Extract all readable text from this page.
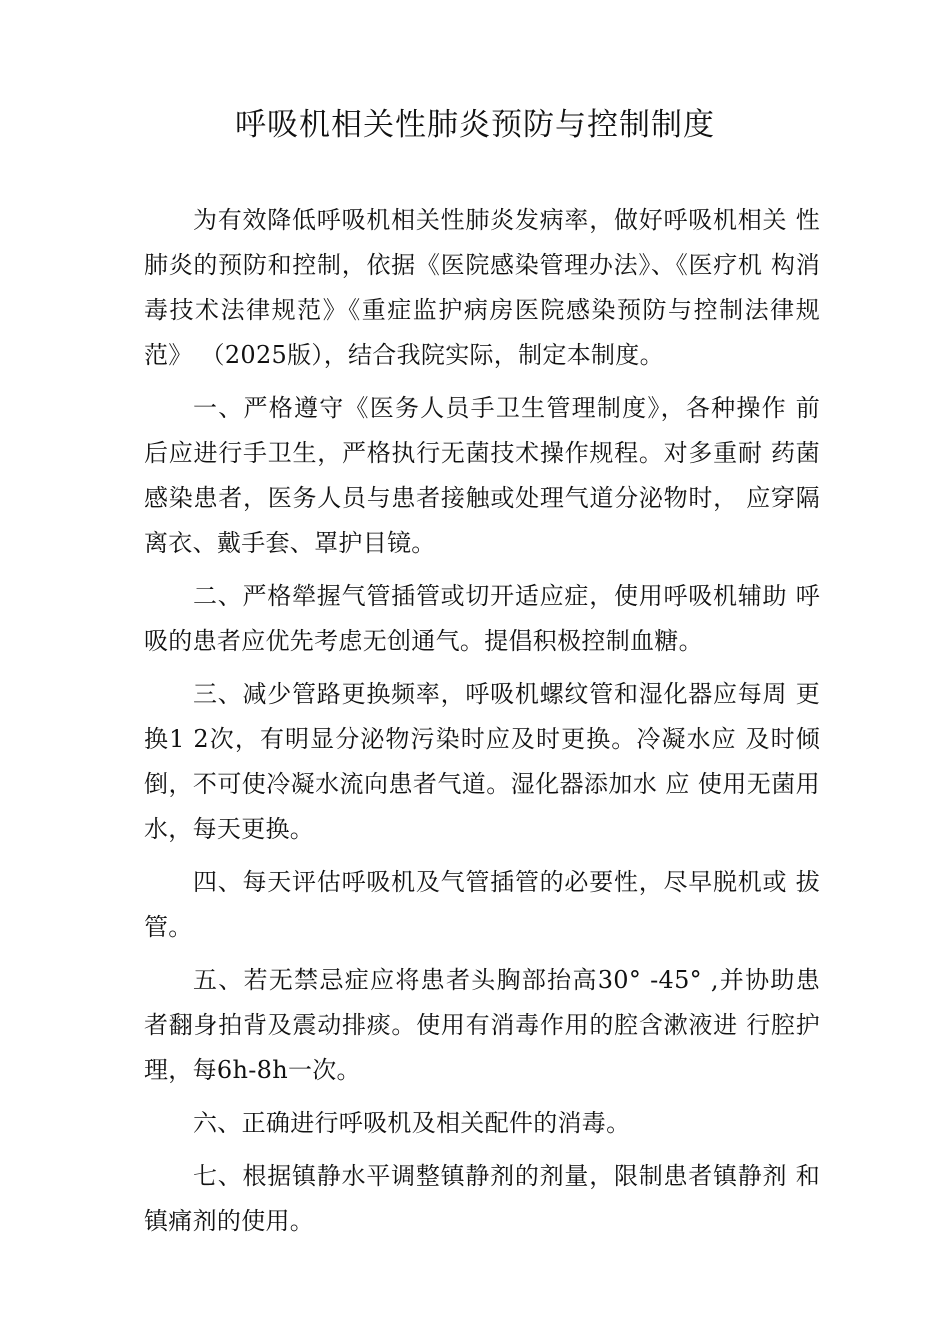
呼吸机相关性肺炎预防与控制制度

为有效降低呼吸机相关性肺炎发病率，做好呼吸机相关 性肺炎的预防和控制，依据《医院感染管理办法》、《医疗机 构消毒技术法律规范》《重症监护病房医院感染预防与控制法律规范》 （2025版），结合我院实际，制定本制度。

一、严格遵守《医务人员手卫生管理制度》，各种操作 前后应进行手卫生，严格执行无菌技术操作规程。对多重耐 药菌感染患者，医务人员与患者接触或处理气道分泌物时， 应穿隔离衣、戴手套、罩护目镜。

二、严格犖握气管插管或切开适应症，使用呼吸机辅助 呼吸的患者应优先考虑无创通气。提倡积极控制血糖。

三、减少管路更换频率，呼吸机螺纹管和湿化器应每周 更换1 2次，有明显分泌物污染时应及时更换。冷凝水应 及时倾倒，不可使冷凝水流向患者气道。湿化器添加水 应 使用无菌用水，每天更换。

四、每天评估呼吸机及气管插管的必要性，尽早脱机或 拔管。

五、若无禁忌症应将患者头胸部抬高30° -45° ,并协助患者翻身拍背及震动排痰。使用有消毒作用的腔含漱液进 行腔护理，每6h-8h一次。

六、正确进行呼吸机及相关配件的消毒。

七、根据镇静水平调整镇静剂的剂量，限制患者镇静剂 和镇痛剂的使用。
